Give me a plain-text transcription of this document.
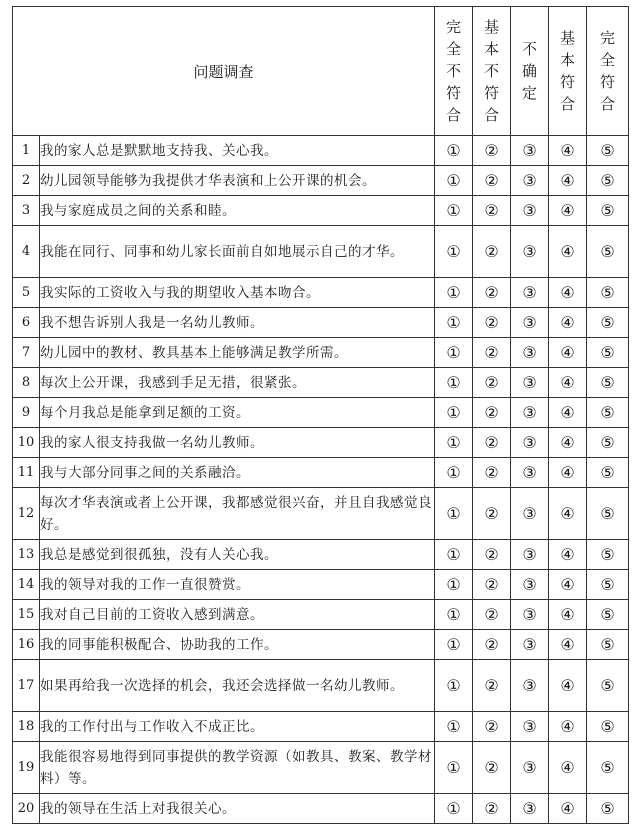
问题调查		完全不符合	基本不符合	不确定	基本符合	完全符合
1	我的家人总是默默地支持我、关心我。	①	②	③	④	⑤
2	幼儿园领导能够为我提供才华表演和上公开课的机会。	①	②	③	④	⑤
3	我与家庭成员之间的关系和睦。	①	②	③	④	⑤
4	我能在同行、同事和幼儿家长面前自如地展示自己的才华。	①	②	③	④	⑤
5	我实际的工资收入与我的期望收入基本吻合。	①	②	③	④	⑤
6	我不想告诉别人我是一名幼儿教师。	①	②	③	④	⑤
7	幼儿园中的教材、教具基本上能够满足教学所需。	①	②	③	④	⑤
8	每次上公开课，我感到手足无措，很紧张。	①	②	③	④	⑤
9	每个月我总是能拿到足额的工资。	①	②	③	④	⑤
10	我的家人很支持我做一名幼儿教师。	①	②	③	④	⑤
11	我与大部分同事之间的关系融洽。	①	②	③	④	⑤
12	每次才华表演或者上公开课，我都感觉很兴奋，并且自我感觉良好。	①	②	③	④	⑤
13	我总是感觉到很孤独，没有人关心我。	①	②	③	④	⑤
14	我的领导对我的工作一直很赞赏。	①	②	③	④	⑤
15	我对自己目前的工资收入感到满意。	①	②	③	④	⑤
16	我的同事能积极配合、协助我的工作。	①	②	③	④	⑤
17	如果再给我一次选择的机会，我还会选择做一名幼儿教师。	①	②	③	④	⑤
18	我的工作付出与工作收入不成正比。	①	②	③	④	⑤
19	我能很容易地得到同事提供的教学资源（如教具、教案、教学材料）等。	①	②	③	④	⑤
20	我的领导在生活上对我很关心。	①	②	③	④	⑤
